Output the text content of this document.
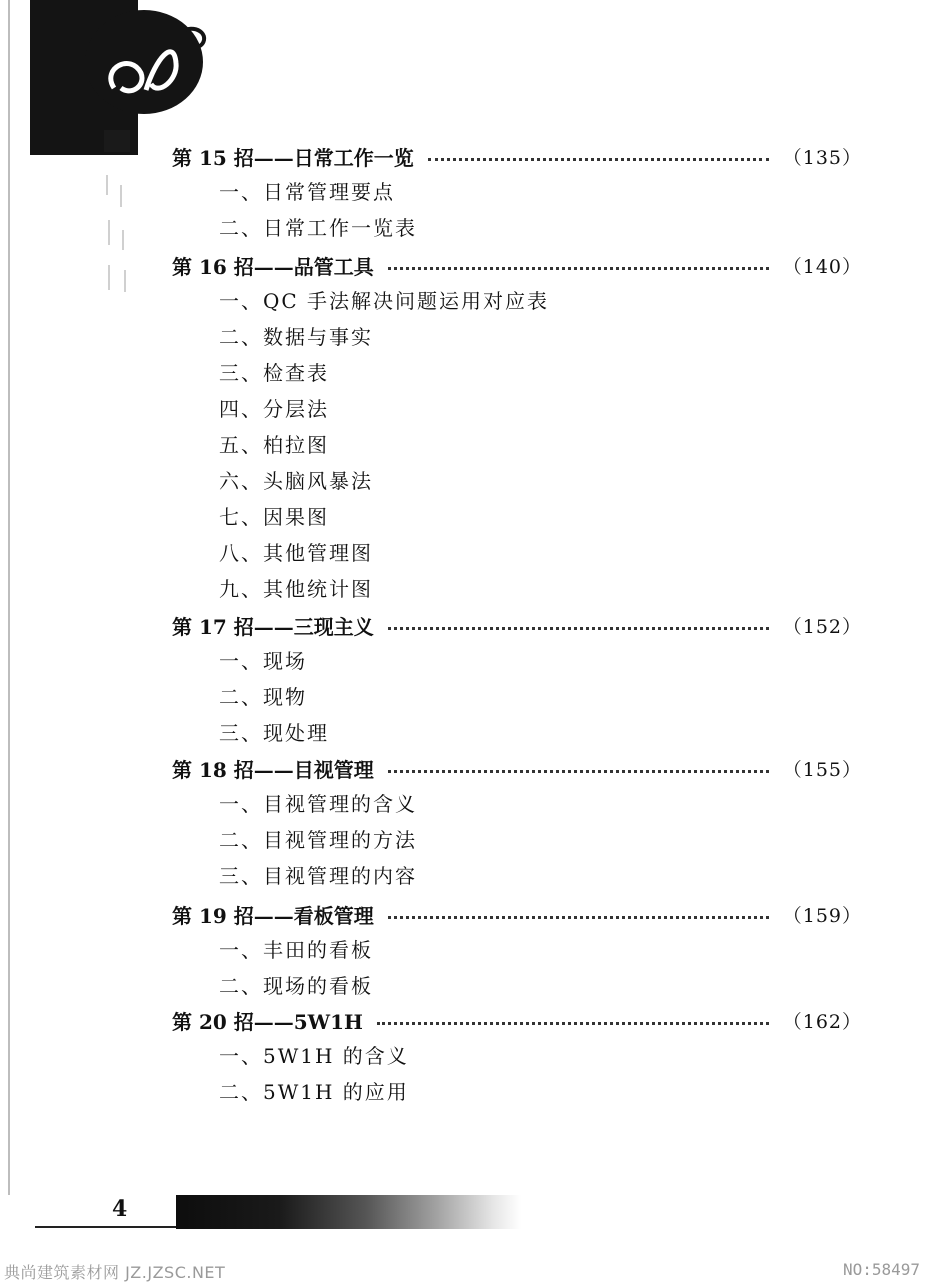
第 15 招——日常工作一览	（135）
一、日常管理要点
二、日常工作一览表
第 16 招——品管工具	（140）
一、QC 手法解决问题运用对应表
二、数据与事实
三、检查表
四、分层法
五、柏拉图
六、头脑风暴法
七、因果图
八、其他管理图
九、其他统计图
第 17 招——三现主义	（152）
一、现场
二、现物
三、现处理
第 18 招——目视管理	（155）
一、目视管理的含义
二、目视管理的方法
三、目视管理的内容
第 19 招——看板管理	（159）
一、丰田的看板
二、现场的看板
第 20 招——5W1H	（162）
一、5W1H 的含义
二、5W1H 的应用
4
典尚建筑素材网 JZ.JZSC.NET	NO:58497
